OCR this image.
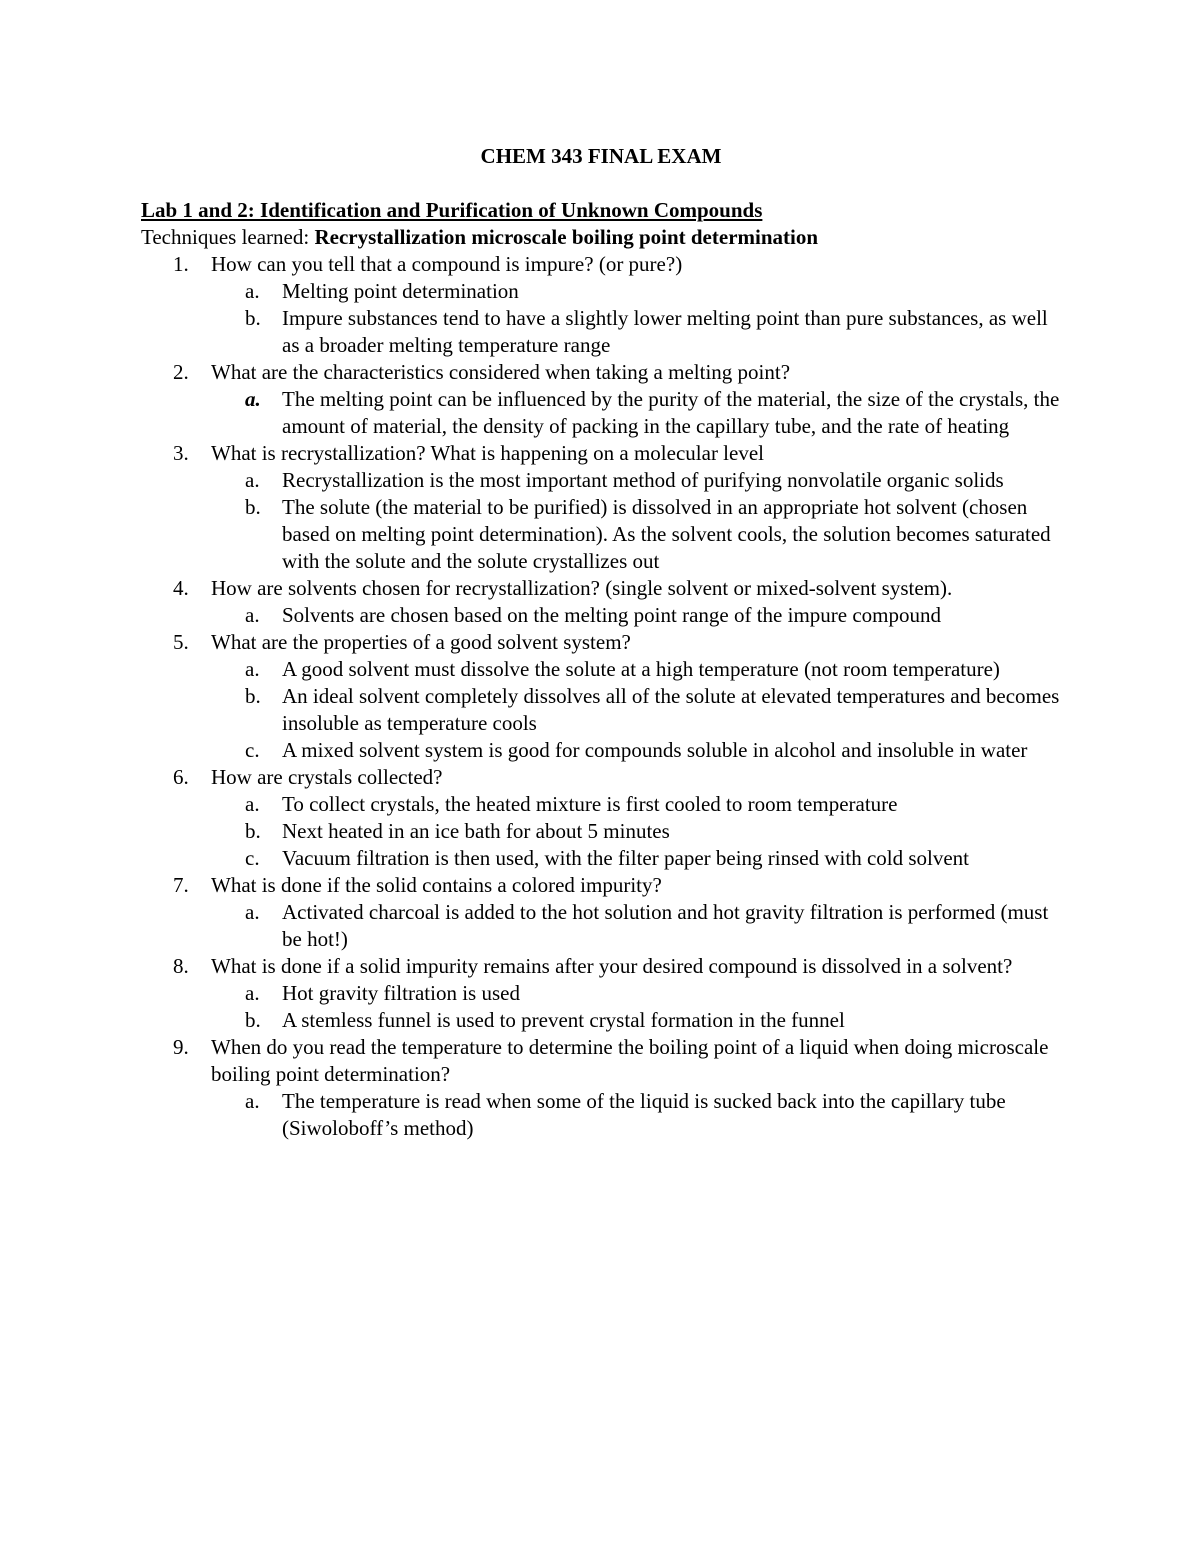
CHEM 343 FINAL EXAM
Lab 1 and 2: Identification and Purification of Unknown Compounds
Techniques learned: Recrystallization microscale boiling point determination
1. How can you tell that a compound is impure? (or pure?)
a. Melting point determination
b. Impure substances tend to have a slightly lower melting point than pure substances, as well as a broader melting temperature range
2. What are the characteristics considered when taking a melting point?
a. The melting point can be influenced by the purity of the material, the size of the crystals, the amount of material, the density of packing in the capillary tube, and the rate of heating
3. What is recrystallization? What is happening on a molecular level
a. Recrystallization is the most important method of purifying nonvolatile organic solids
b. The solute (the material to be purified) is dissolved in an appropriate hot solvent (chosen based on melting point determination). As the solvent cools, the solution becomes saturated with the solute and the solute crystallizes out
4. How are solvents chosen for recrystallization? (single solvent or mixed-solvent system).
a. Solvents are chosen based on the melting point range of the impure compound
5. What are the properties of a good solvent system?
a. A good solvent must dissolve the solute at a high temperature (not room temperature)
b. An ideal solvent completely dissolves all of the solute at elevated temperatures and becomes insoluble as temperature cools
c. A mixed solvent system is good for compounds soluble in alcohol and insoluble in water
6. How are crystals collected?
a. To collect crystals, the heated mixture is first cooled to room temperature
b. Next heated in an ice bath for about 5 minutes
c. Vacuum filtration is then used, with the filter paper being rinsed with cold solvent
7. What is done if the solid contains a colored impurity?
a. Activated charcoal is added to the hot solution and hot gravity filtration is performed (must be hot!)
8. What is done if a solid impurity remains after your desired compound is dissolved in a solvent?
a. Hot gravity filtration is used
b. A stemless funnel is used to prevent crystal formation in the funnel
9. When do you read the temperature to determine the boiling point of a liquid when doing microscale boiling point determination?
a. The temperature is read when some of the liquid is sucked back into the capillary tube (Siwoloboff’s method)
